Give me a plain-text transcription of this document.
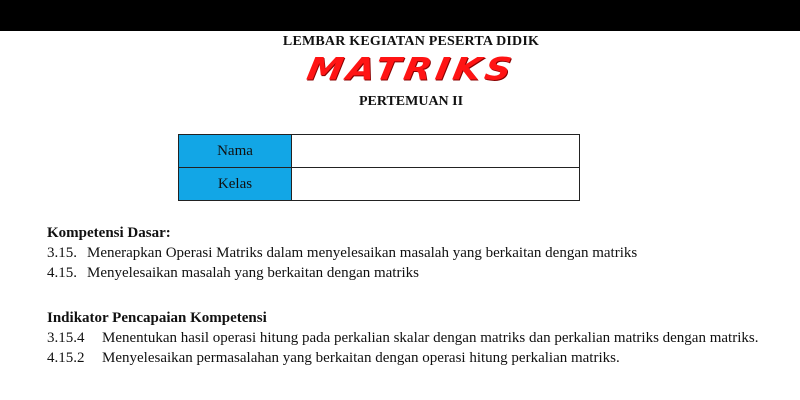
LEMBAR KEGIATAN PESERTA DIDIK
MATRIKS
PERTEMUAN II
Nama	
Kelas	
Kompetensi Dasar:
3.15. Menerapkan Operasi Matriks dalam menyelesaikan masalah yang berkaitan dengan matriks
4.15. Menyelesaikan masalah yang berkaitan dengan matriks
Indikator Pencapaian Kompetensi
3.15.4	Menentukan hasil operasi hitung pada perkalian skalar dengan matriks dan perkalian matriks dengan matriks.
4.15.2	Menyelesaikan permasalahan yang berkaitan dengan operasi hitung perkalian matriks.
